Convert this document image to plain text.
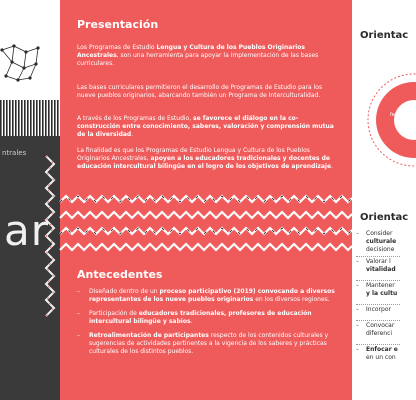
ntrales
ar
Presentación

Los Programas de Estudio Lengua y Cultura de los Pueblos Originarios Ancestrales, son una herramienta para apoyar la implementación de las bases curriculares.

Las bases curriculares permitieron el desarrollo de Programas de Estudio para los nueve pueblos originarios, abarcando también un Programa de Interculturalidad.

A través de los Programas de Estudio, se favorece el diálogo en la co-construcción entre conocimiento, saberes, valoración y comprensión mutua de la diversidad.

La finalidad es que los Programas de Estudio Lengua y Cultura de los Pueblos Originarios Ancestrales, apoyen a los educadores tradicionales y docentes de educación intercultural bilingüe en el logro de los objetivos de aprendizaje.

Antecedentes
– Diseñado dentro de un proceso participativo (2019) convocando a diversos representantes de los nueve pueblos originarios en los diversos regiones.
– Participación de educadores tradicionales, profesores de educación intercultural bilingüe y sabios.
– Retroalimentación de participantes respecto de los contenidos culturales y sugerencias de actividades pertinentes a la vigencia de los saberes y prácticas culturales de los distintos pueblos.
Orientac
fe
Orientac
– Consider
culturale
decisione
– Valorar l
vitalidad
– Mantener
y la cultu
– Incorpor
– Convocar
diferenci
– Enfocar e
en un con
